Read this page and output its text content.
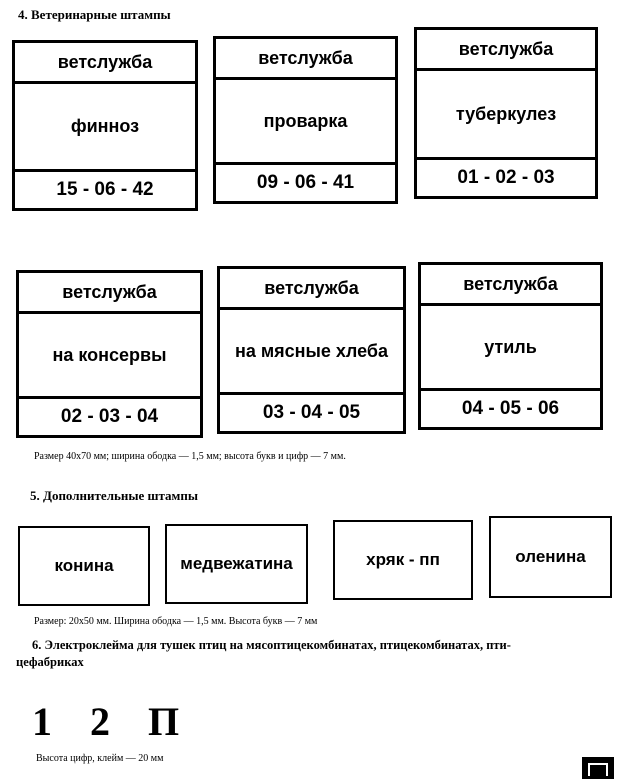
4. Ветеринарные штампы
ветслужба
финноз
15 - 06 - 42
ветслужба
проварка
09 - 06 - 41
ветслужба
туберкулез
01 - 02 - 03
ветслужба
на консервы
02 - 03 - 04
ветслужба
на мясные хлеба
03 - 04 - 05
ветслужба
утиль
04 - 05 - 06
Размер 40х70 мм; ширина ободка — 1,5 мм; высота букв и цифр — 7 мм.
5. Дополнительные штампы
конина	медвежатина	хряк - пп	оленина
Размер: 20х50 мм. Ширина ободка — 1,5 мм. Высота букв — 7 мм
6. Электроклейма для тушек птиц на мясоптицекомбинатах, птицекомбинатах, пти-
цефабриках
1 2 П
Высота цифр, клейм — 20 мм
